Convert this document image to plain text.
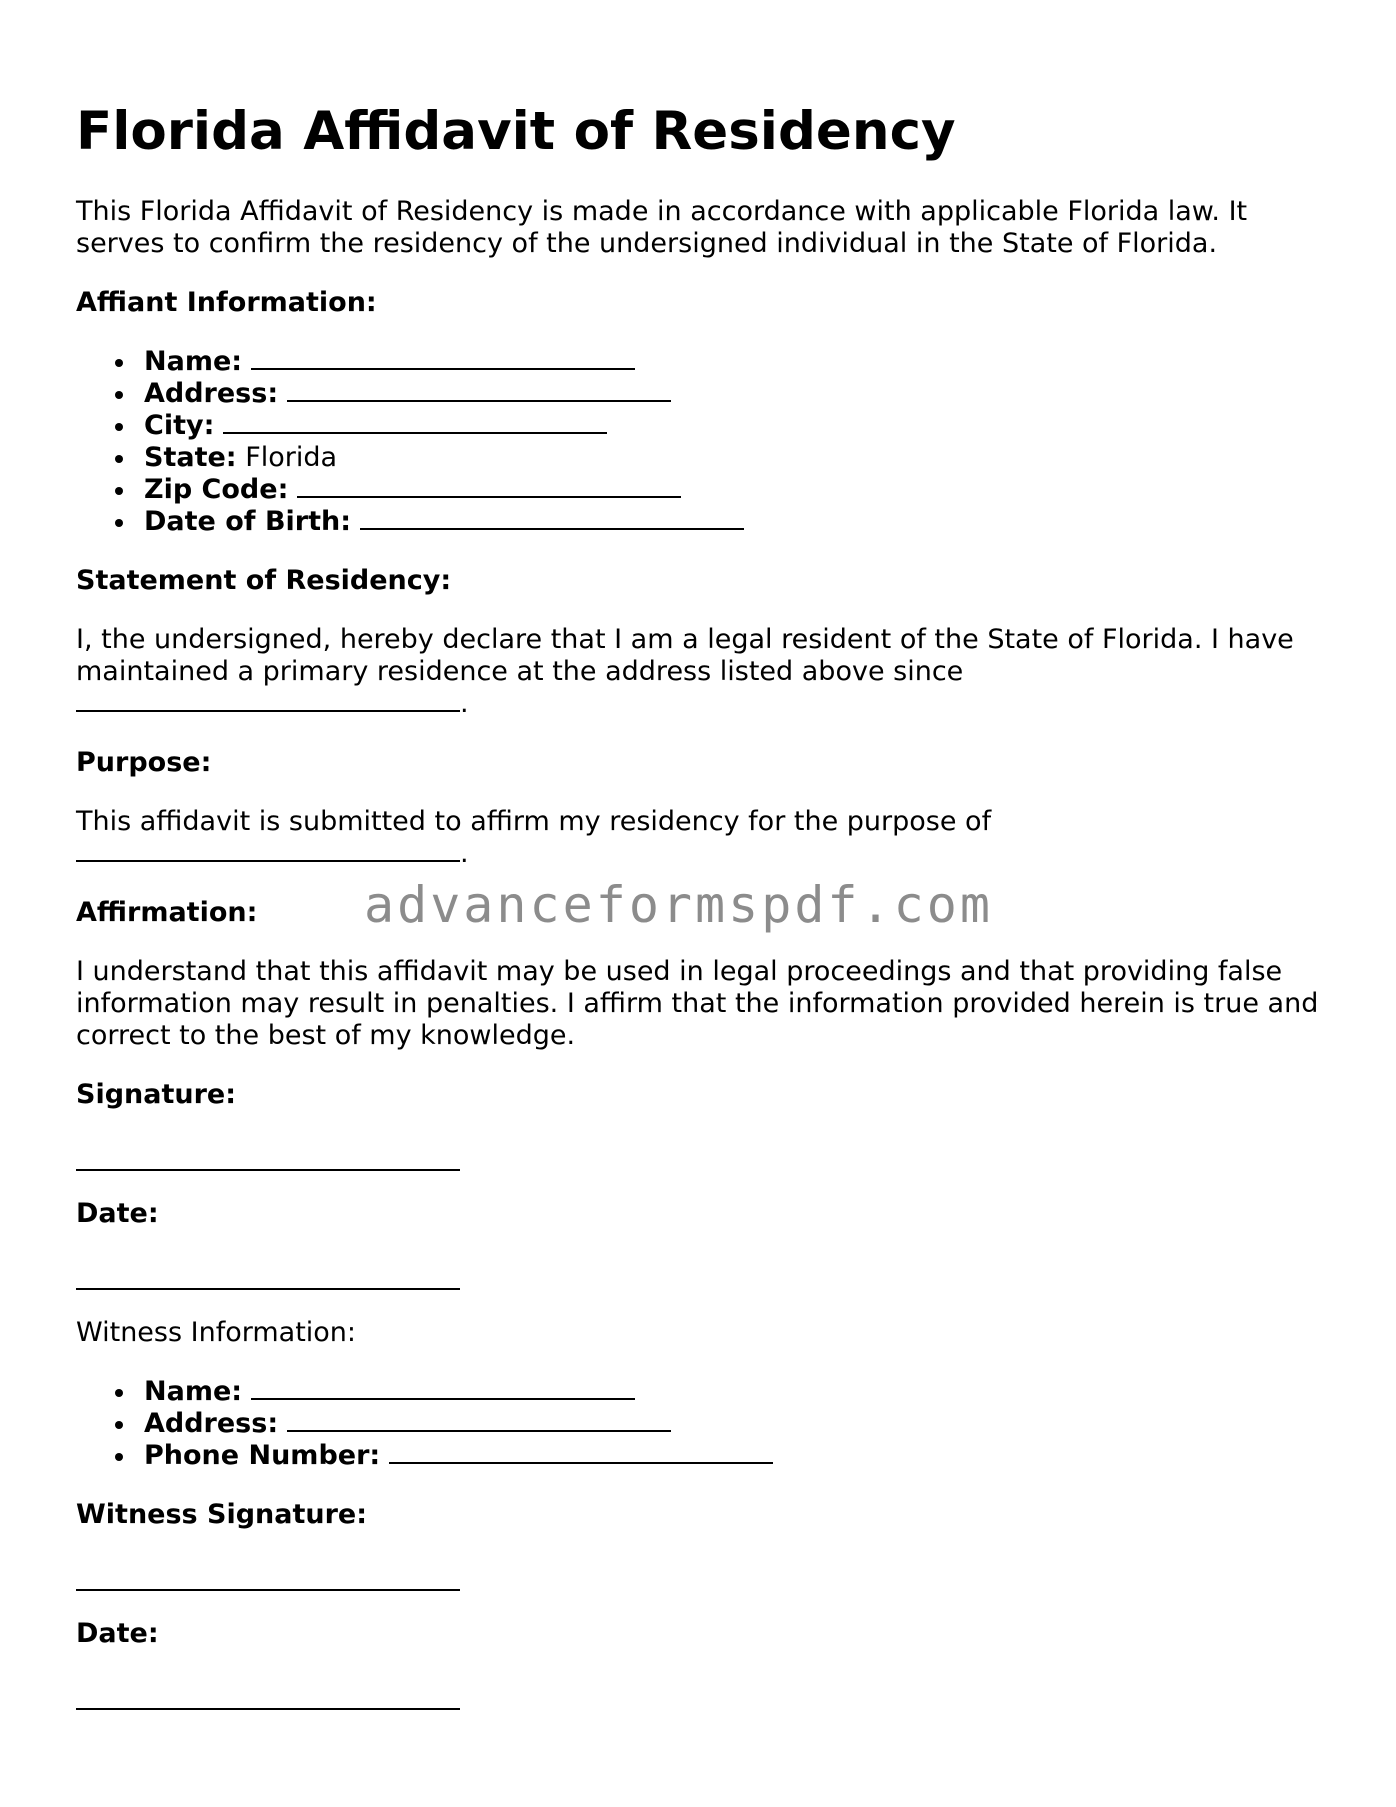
Florida Affidavit of Residency

This Florida Affidavit of Residency is made in accordance with applicable Florida law. It serves to confirm the residency of the undersigned individual in the State of Florida.

Affiant Information:
Name:
Address:
City:
State: Florida
Zip Code:
Date of Birth:
Statement of Residency:

I, the undersigned, hereby declare that I am a legal resident of the State of Florida. I have maintained a primary residence at the address listed above since
.

Purpose:

This affidavit is submitted to affirm my residency for the purpose of
.

Affirmation:

I understand that this affidavit may be used in legal proceedings and that providing false information may result in penalties. I affirm that the information provided herein is true and correct to the best of my knowledge.

Signature:
Date:
Witness Information:
Name:
Address:
Phone Number:
Witness Signature:
Date:
advanceformspdf.com
